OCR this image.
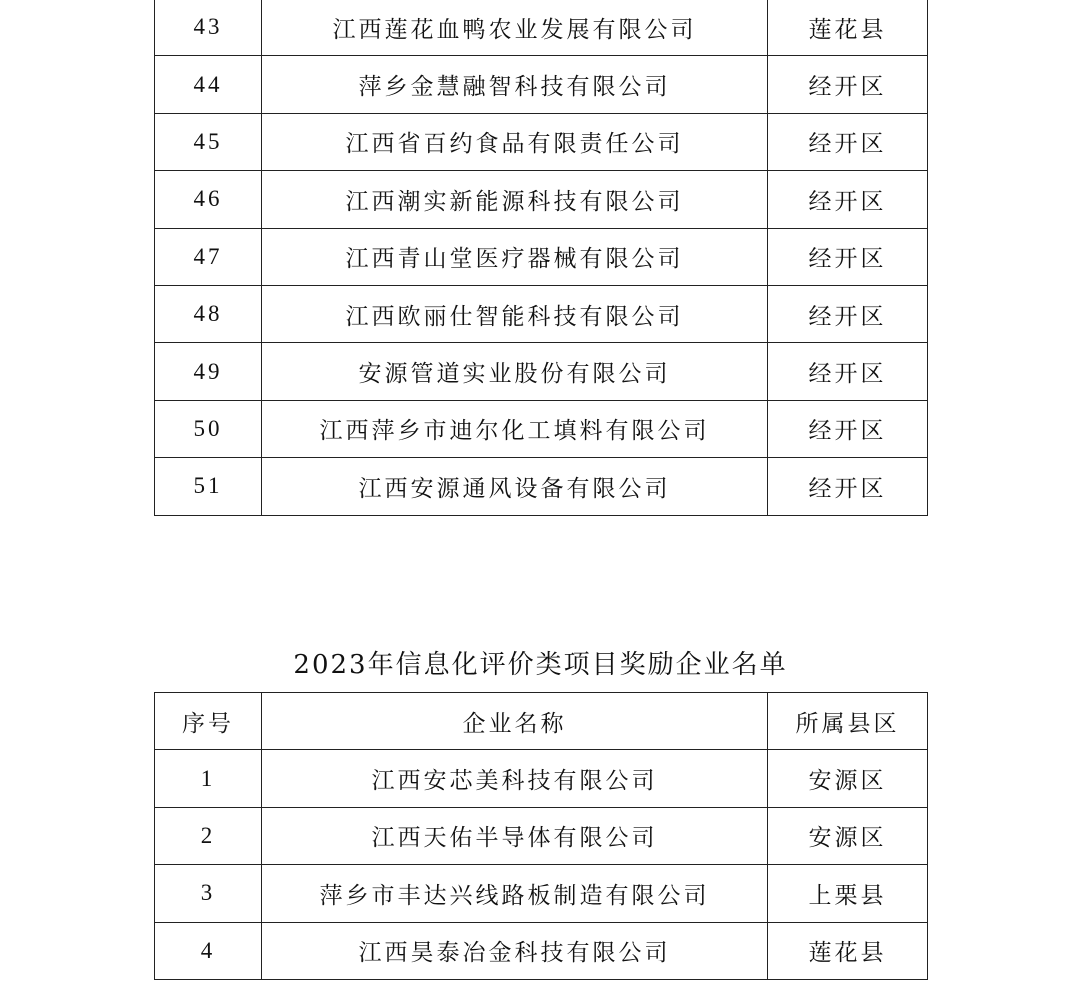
43	江西莲花血鸭农业发展有限公司	莲花县
44	萍乡金慧融智科技有限公司	经开区
45	江西省百约食品有限责任公司	经开区
46	江西潮实新能源科技有限公司	经开区
47	江西青山堂医疗器械有限公司	经开区
48	江西欧丽仕智能科技有限公司	经开区
49	安源管道实业股份有限公司	经开区
50	江西萍乡市迪尔化工填料有限公司	经开区
51	江西安源通风设备有限公司	经开区
2023年信息化评价类项目奖励企业名单
序号	企业名称	所属县区
1	江西安芯美科技有限公司	安源区
2	江西天佑半导体有限公司	安源区
3	萍乡市丰达兴线路板制造有限公司	上栗县
4	江西昊泰冶金科技有限公司	莲花县
